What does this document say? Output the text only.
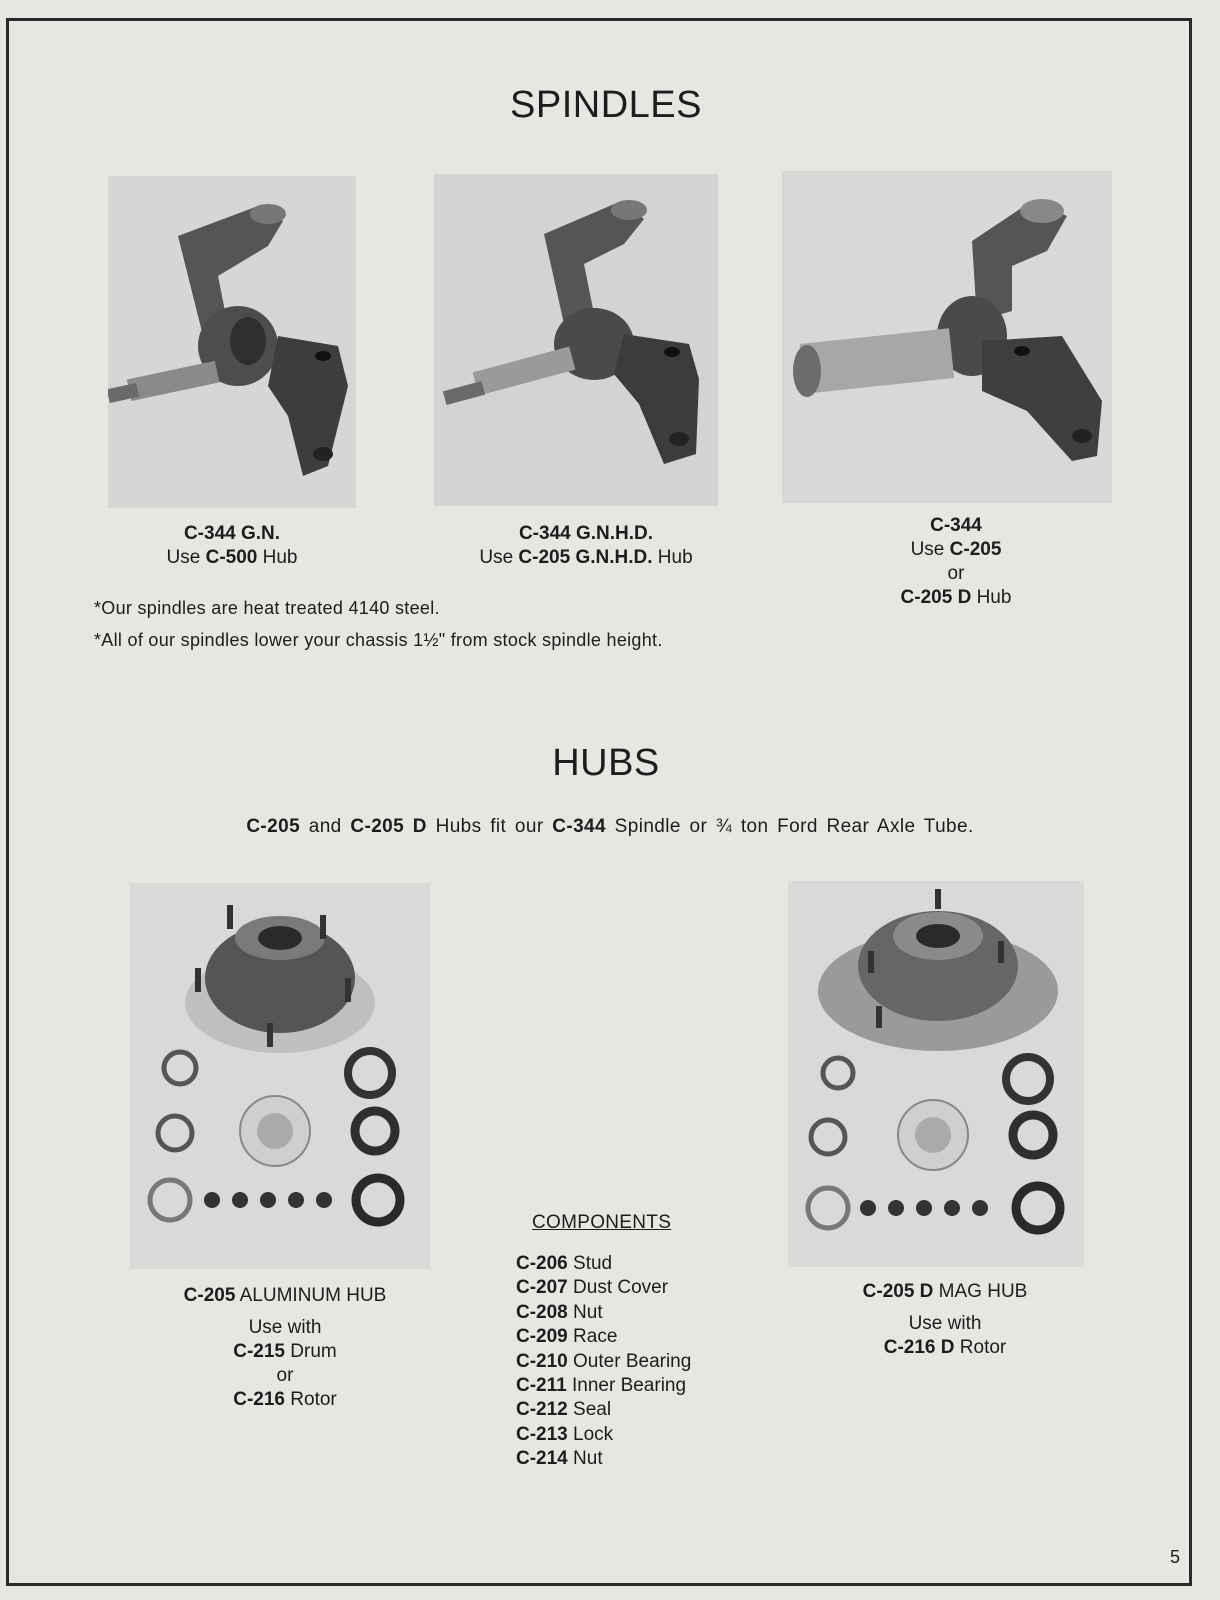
SPINDLES
C-344 G.N.
Use C-500 Hub
C-344 G.N.H.D.
Use C-205 G.N.H.D. Hub
C-344
Use C-205
or
C-205 D Hub
*Our spindles are heat treated 4140 steel.
*All of our spindles lower your chassis 1½" from stock spindle height.
HUBS
C-205 and C-205 D Hubs fit our C-344 Spindle or ¾ ton Ford Rear Axle Tube.
C-205 ALUMINUM HUB
Use with
C-215 Drum
or
C-216 Rotor
C-205 D MAG HUB
Use with
C-216 D Rotor
COMPONENTS
C-206 Stud
C-207 Dust Cover
C-208 Nut
C-209 Race
C-210 Outer Bearing
C-211 Inner Bearing
C-212 Seal
C-213 Lock
C-214 Nut
5
